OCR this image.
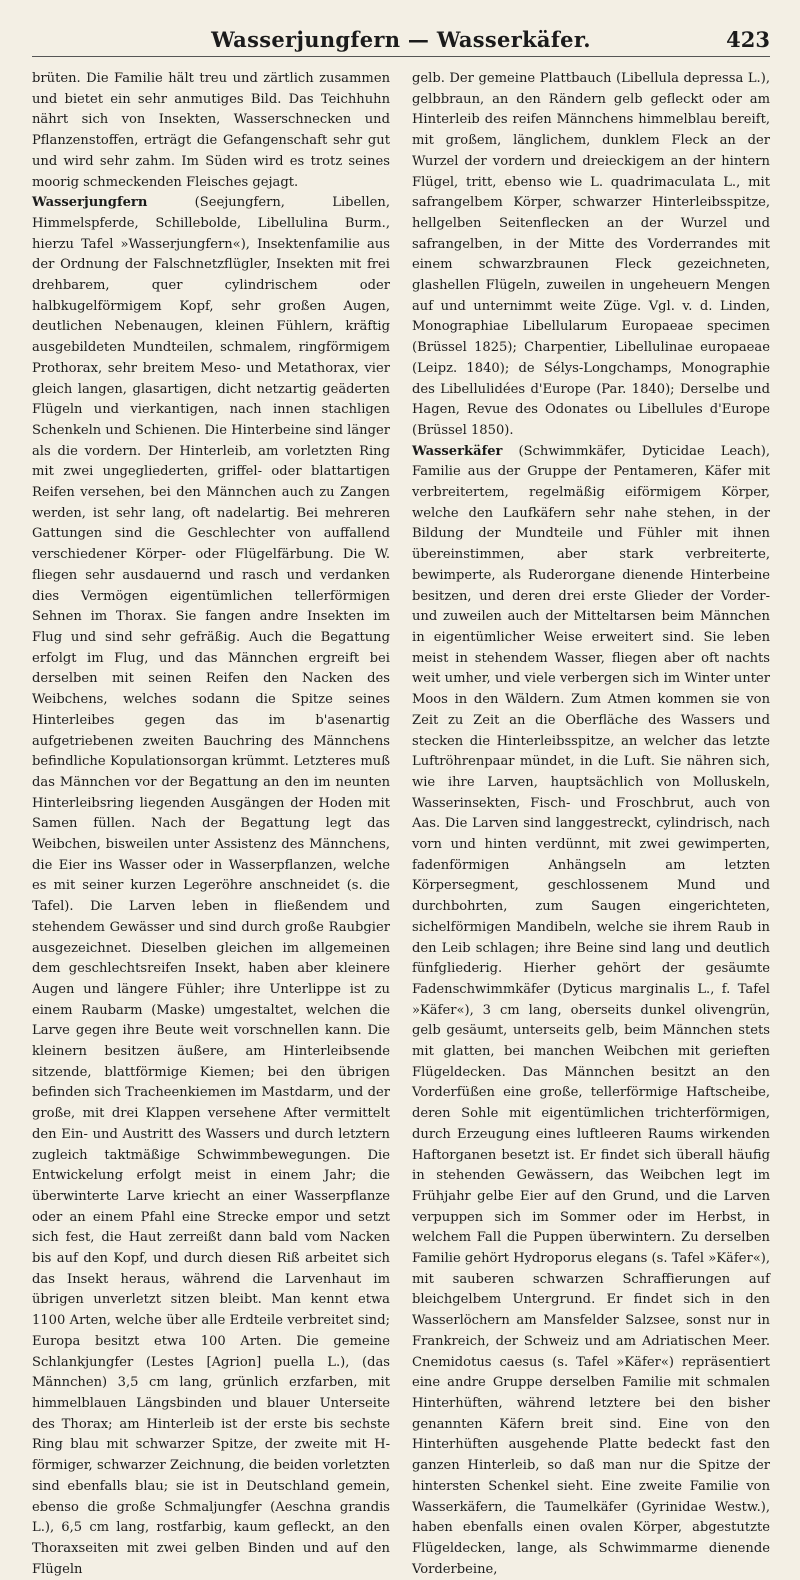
Wasserjungfern — Wasserkäfer.	423

brüten. Die Familie hält treu und zärtlich zusammen und bietet ein sehr anmutiges Bild. Das Teichhuhn nährt sich von Insekten, Wasserschnecken und Pflanzenstoffen, erträgt die Gefangenschaft sehr gut und wird sehr zahm. Im Süden wird es trotz seines moorig schmeckenden Fleisches gejagt.

Wasserjungfern (Seejungfern, Libellen, Himmelspferde, Schillebolde, Libellulina Burm., hierzu Tafel »Wasserjungfern«), Insektenfamilie aus der Ordnung der Falschnetzflügler, Insekten mit frei drehbarem, quer cylindrischem oder halbkugelförmigem Kopf, sehr großen Augen, deutlichen Nebenaugen, kleinen Fühlern, kräftig ausgebildeten Mundteilen, schmalem, ringförmigem Prothorax, sehr breitem Meso- und Metathorax, vier gleich langen, glasartigen, dicht netzartig geäderten Flügeln und vierkantigen, nach innen stachligen Schenkeln und Schienen. Die Hinterbeine sind länger als die vordern. Der Hinterleib, am vorletzten Ring mit zwei ungegliederten, griffel- oder blattartigen Reifen versehen, bei den Männchen auch zu Zangen werden, ist sehr lang, oft nadelartig. Bei mehreren Gattungen sind die Geschlechter von auffallend verschiedener Körper- oder Flügelfärbung. Die W. fliegen sehr ausdauernd und rasch und verdanken dies Vermögen eigentümlichen tellerförmigen Sehnen im Thorax. Sie fangen andre Insekten im Flug und sind sehr gefräßig. Auch die Begattung erfolgt im Flug, und das Männchen ergreift bei derselben mit seinen Reifen den Nacken des Weibchens, welches sodann die Spitze seines Hinterleibes gegen das im b'asenartig aufgetriebenen zweiten Bauchring des Männchens befindliche Kopulationsorgan krümmt. Letzteres muß das Männchen vor der Begattung an den im neunten Hinterleibsring liegenden Ausgängen der Hoden mit Samen füllen. Nach der Begattung legt das Weibchen, bisweilen unter Assistenz des Männchens, die Eier ins Wasser oder in Wasserpflanzen, welche es mit seiner kurzen Legeröhre anschneidet (s. die Tafel). Die Larven leben in fließendem und stehendem Gewässer und sind durch große Raubgier ausgezeichnet. Dieselben gleichen im allgemeinen dem geschlechtsreifen Insekt, haben aber kleinere Augen und längere Fühler; ihre Unterlippe ist zu einem Raubarm (Maske) umgestaltet, welchen die Larve gegen ihre Beute weit vorschnellen kann. Die kleinern besitzen äußere, am Hinterleibsende sitzende, blattförmige Kiemen; bei den übrigen befinden sich Tracheenkiemen im Mastdarm, und der große, mit drei Klappen versehene After vermittelt den Ein- und Austritt des Wassers und durch letztern zugleich taktmäßige Schwimmbewegungen. Die Entwickelung erfolgt meist in einem Jahr; die überwinterte Larve kriecht an einer Wasserpflanze oder an einem Pfahl eine Strecke empor und setzt sich fest, die Haut zerreißt dann bald vom Nacken bis auf den Kopf, und durch diesen Riß arbeitet sich das Insekt heraus, während die Larvenhaut im übrigen unverletzt sitzen bleibt. Man kennt etwa 1100 Arten, welche über alle Erdteile verbreitet sind; Europa besitzt etwa 100 Arten. Die gemeine Schlankjungfer (Lestes [Agrion] puella L.), (das Männchen) 3,5 cm lang, grünlich erzfarben, mit himmelblauen Längsbinden und blauer Unterseite des Thorax; am Hinterleib ist der erste bis sechste Ring blau mit schwarzer Spitze, der zweite mit H-förmiger, schwarzer Zeichnung, die beiden vorletzten sind ebenfalls blau; sie ist in Deutschland gemein, ebenso die große Schmaljungfer (Aeschna grandis L.), 6,5 cm lang, rostfarbig, kaum gefleckt, an den Thoraxseiten mit zwei gelben Binden und auf den Flügeln

gelb. Der gemeine Plattbauch (Libellula depressa L.), gelbbraun, an den Rändern gelb gefleckt oder am Hinterleib des reifen Männchens himmelblau bereift, mit großem, länglichem, dunklem Fleck an der Wurzel der vordern und dreieckigem an der hintern Flügel, tritt, ebenso wie L. quadrimaculata L., mit safrangelbem Körper, schwarzer Hinterleibsspitze, hellgelben Seitenflecken an der Wurzel und safrangelben, in der Mitte des Vorderrandes mit einem schwarzbraunen Fleck gezeichneten, glashellen Flügeln, zuweilen in ungeheuern Mengen auf und unternimmt weite Züge. Vgl. v. d. Linden, Monographiae Libellularum Europaeae specimen (Brüssel 1825); Charpentier, Libellulinae europaeae (Leipz. 1840); de Sélys-Longchamps, Monographie des Libellulidées d'Europe (Par. 1840); Derselbe und Hagen, Revue des Odonates ou Libellules d'Europe (Brüssel 1850).

Wasserkäfer (Schwimmkäfer, Dyticidae Leach), Familie aus der Gruppe der Pentameren, Käfer mit verbreitertem, regelmäßig eiförmigem Körper, welche den Laufkäfern sehr nahe stehen, in der Bildung der Mundteile und Fühler mit ihnen übereinstimmen, aber stark verbreiterte, bewimperte, als Ruderorgane dienende Hinterbeine besitzen, und deren drei erste Glieder der Vorder- und zuweilen auch der Mitteltarsen beim Männchen in eigentümlicher Weise erweitert sind. Sie leben meist in stehendem Wasser, fliegen aber oft nachts weit umher, und viele verbergen sich im Winter unter Moos in den Wäldern. Zum Atmen kommen sie von Zeit zu Zeit an die Oberfläche des Wassers und stecken die Hinterleibsspitze, an welcher das letzte Luftröhrenpaar mündet, in die Luft. Sie nähren sich, wie ihre Larven, hauptsächlich von Molluskeln, Wasserinsekten, Fisch- und Froschbrut, auch von Aas. Die Larven sind langgestreckt, cylindrisch, nach vorn und hinten verdünnt, mit zwei gewimperten, fadenförmigen Anhängseln am letzten Körpersegment, geschlossenem Mund und durchbohrten, zum Saugen eingerichteten, sichelförmigen Mandibeln, welche sie ihrem Raub in den Leib schlagen; ihre Beine sind lang und deutlich fünfgliederig. Hierher gehört der gesäumte Fadenschwimmkäfer (Dyticus marginalis L., f. Tafel »Käfer«), 3 cm lang, oberseits dunkel olivengrün, gelb gesäumt, unterseits gelb, beim Männchen stets mit glatten, bei manchen Weibchen mit gerieften Flügeldecken. Das Männchen besitzt an den Vorderfüßen eine große, tellerförmige Haftscheibe, deren Sohle mit eigentümlichen trichterförmigen, durch Erzeugung eines luftleeren Raums wirkenden Haftorganen besetzt ist. Er findet sich überall häufig in stehenden Gewässern, das Weibchen legt im Frühjahr gelbe Eier auf den Grund, und die Larven verpuppen sich im Sommer oder im Herbst, in welchem Fall die Puppen überwintern. Zu derselben Familie gehört Hydroporus elegans (s. Tafel »Käfer«), mit sauberen schwarzen Schraffierungen auf bleichgelbem Untergrund. Er findet sich in den Wasserlöchern am Mansfelder Salzsee, sonst nur in Frankreich, der Schweiz und am Adriatischen Meer. Cnemidotus caesus (s. Tafel »Käfer«) repräsentiert eine andre Gruppe derselben Familie mit schmalen Hinterhüften, während letztere bei den bisher genannten Käfern breit sind. Eine von den Hinterhüften ausgehende Platte bedeckt fast den ganzen Hinterleib, so daß man nur die Spitze der hintersten Schenkel sieht. Eine zweite Familie von Wasserkäfern, die Taumelkäfer (Gyrinidae Westw.), haben ebenfalls einen ovalen Körper, abgestutzte Flügeldecken, lange, als Schwimmarme dienende Vorderbeine,
